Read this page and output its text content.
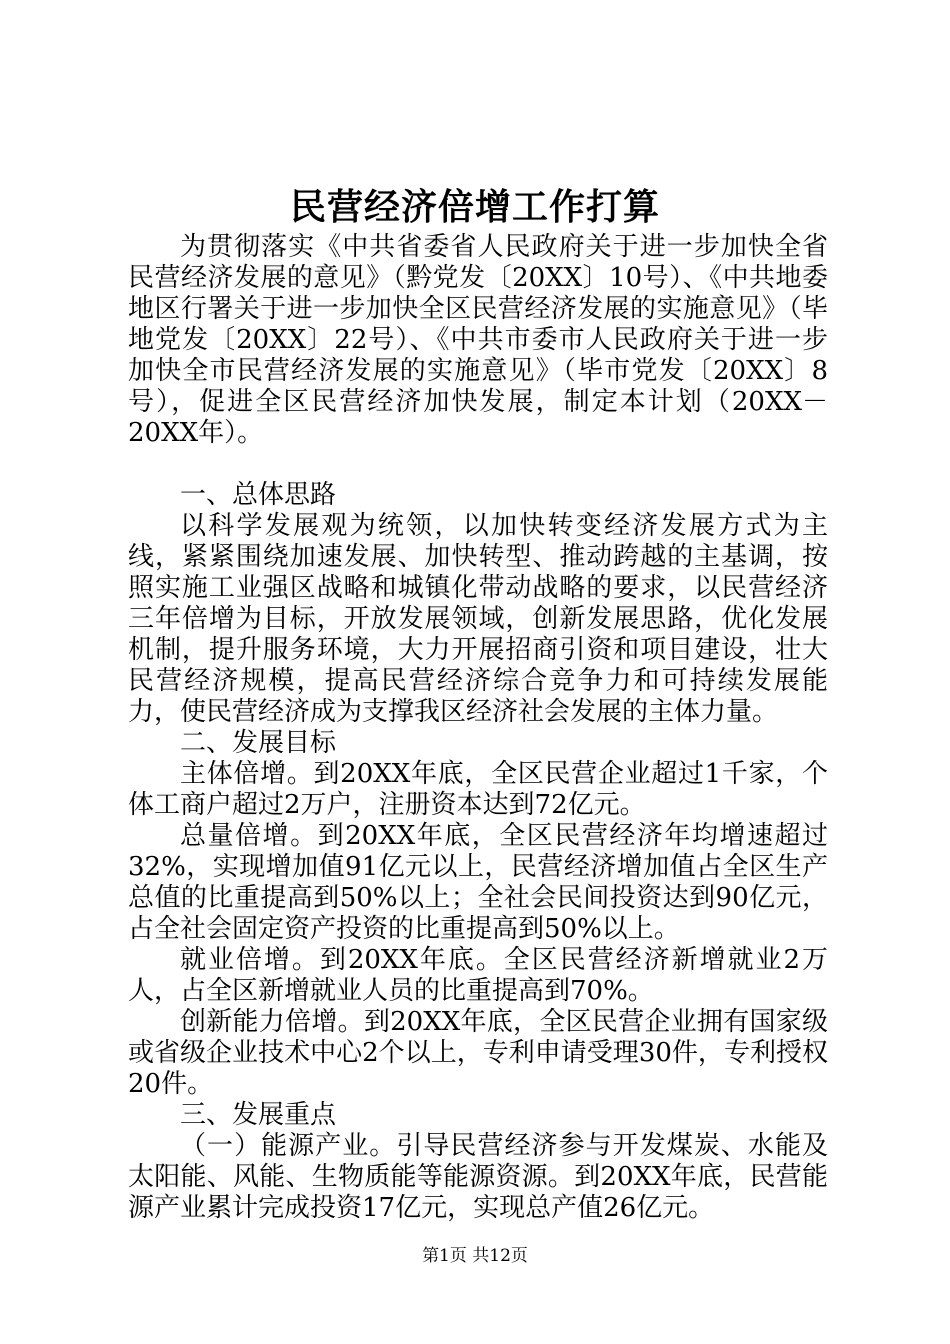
民营经济倍增工作打算

为贯彻落实《中共省委省人民政府关于进一步加快全省民营经济发展的意见》（黔党发〔20XX〕10号）、《中共地委地区行署关于进一步加快全区民营经济发展的实施意见》（毕地党发〔20XX〕22号）、《中共市委市人民政府关于进一步加快全市民营经济发展的实施意见》（毕市党发〔20XX〕8号），促进全区民营经济加快发展，制定本计划（20XX－20XX年）。

一、总体思路

以科学发展观为统领，以加快转变经济发展方式为主线，紧紧围绕加速发展、加快转型、推动跨越的主基调，按照实施工业强区战略和城镇化带动战略的要求，以民营经济三年倍增为目标，开放发展领域，创新发展思路，优化发展机制，提升服务环境，大力开展招商引资和项目建设，壮大民营经济规模，提高民营经济综合竞争力和可持续发展能力，使民营经济成为支撑我区经济社会发展的主体力量。

二、发展目标

主体倍增。到20XX年底，全区民营企业超过1千家，个体工商户超过2万户，注册资本达到72亿元。

总量倍增。到20XX年底，全区民营经济年均增速超过32%，实现增加值91亿元以上，民营经济增加值占全区生产总值的比重提高到50%以上；全社会民间投资达到90亿元，占全社会固定资产投资的比重提高到50%以上。

就业倍增。到20XX年底。全区民营经济新增就业2万人，占全区新增就业人员的比重提高到70%。

创新能力倍增。到20XX年底，全区民营企业拥有国家级或省级企业技术中心2个以上，专利申请受理30件，专利授权20件。

三、发展重点

（一）能源产业。引导民营经济参与开发煤炭、水能及太阳能、风能、生物质能等能源资源。到20XX年底，民营能源产业累计完成投资17亿元，实现总产值26亿元。

第1页 共12页
